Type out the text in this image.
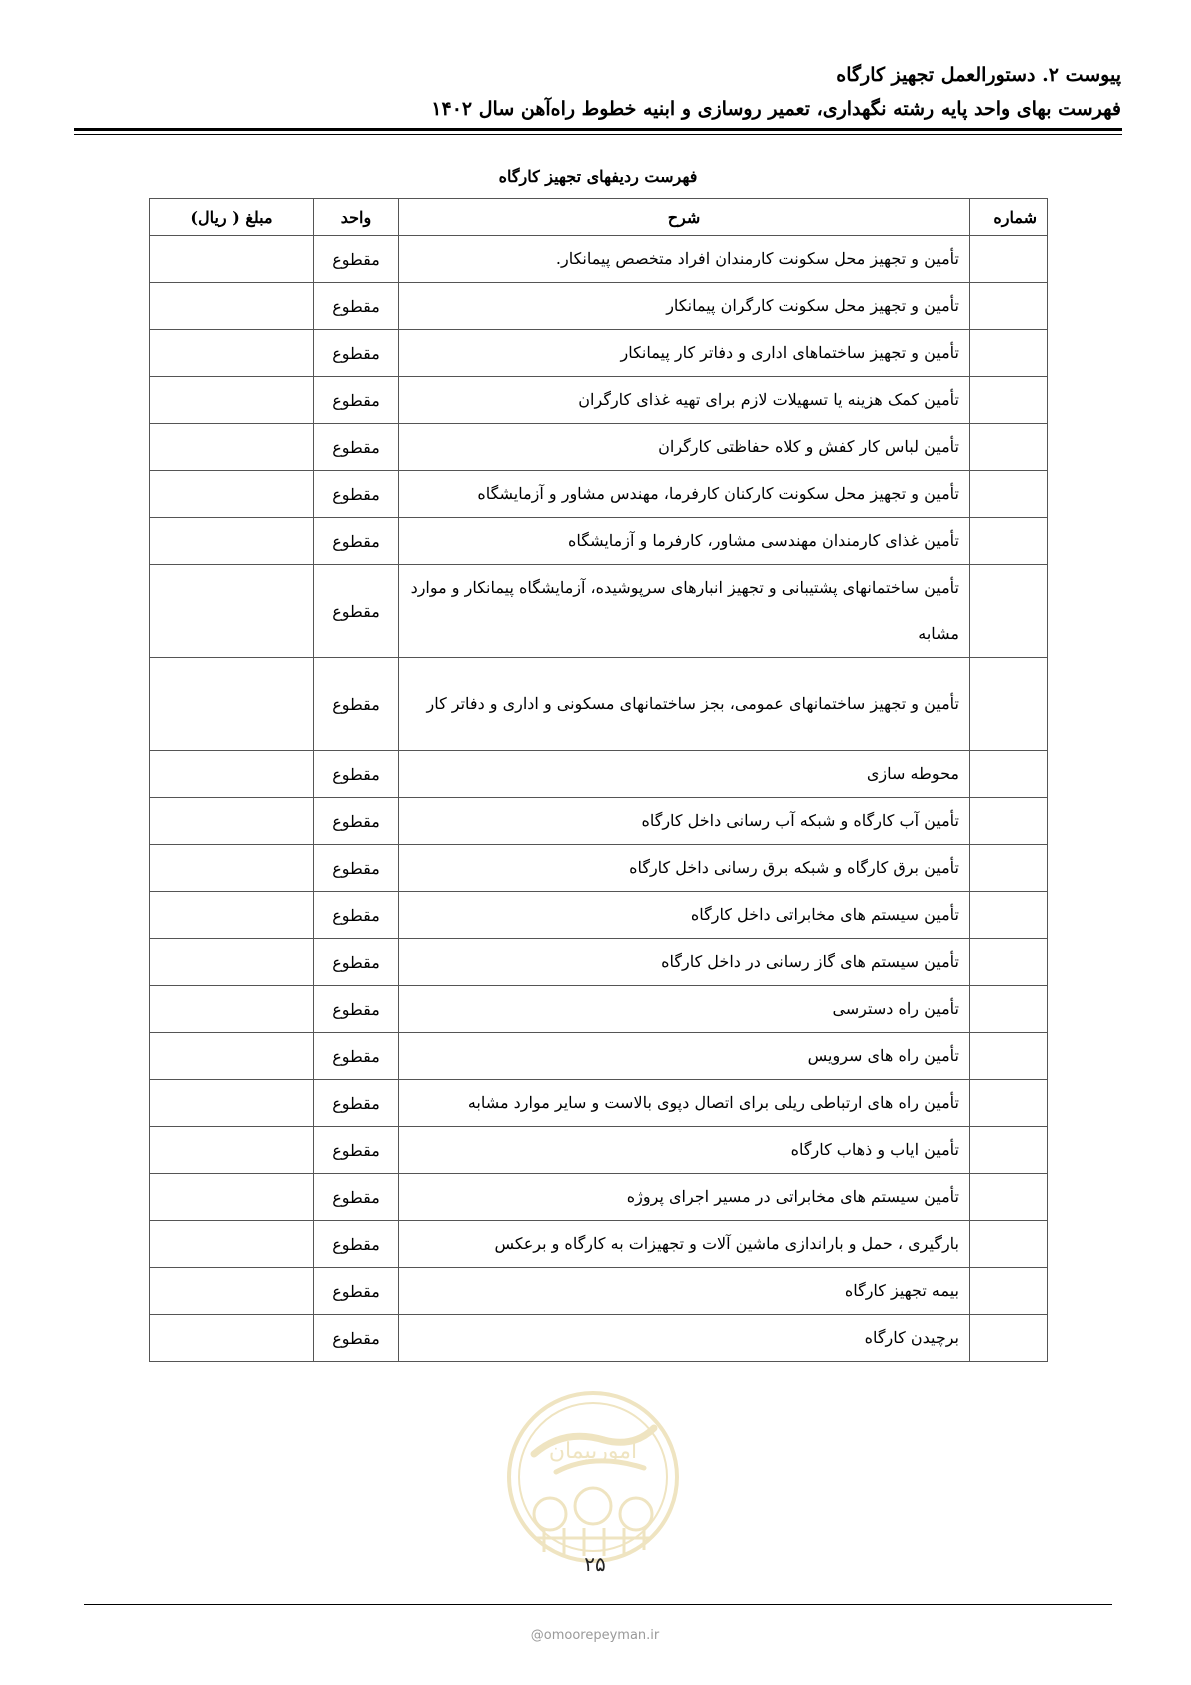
پیوست ۲. دستورالعمل تجهیز کارگاه
فهرست بهای واحد پایه رشته نگهداری، تعمیر روسازی و ابنیه خطوط راه‌آهن سال ۱۴۰۲
فهرست ردیفهای تجهیز کارگاه
شماره	شرح	واحد	مبلغ ( ریال)
	تأمین و تجهیز محل سکونت کارمندان افراد متخصص پیمانکار.	مقطوع	
	تأمین و تجهیز محل سکونت کارگران پیمانکار	مقطوع	
	تأمین و تجهیز ساختماهای اداری و دفاتر کار پیمانکار	مقطوع	
	تأمین کمک هزینه یا تسهیلات لازم برای تهیه غذای کارگران	مقطوع	
	تأمین لباس کار کفش و کلاه حفاظتی کارگران	مقطوع	
	تأمین و تجهیز محل سکونت کارکنان کارفرما، مهندس مشاور و آزمایشگاه	مقطوع	
	تأمین غذای کارمندان مهندسی مشاور، کارفرما و آزمایشگاه	مقطوع	
	تأمین ساختمانهای پشتیبانی و تجهیز انبارهای سرپوشیده، آزمایشگاه پیمانکار و موارد مشابه	مقطوع	
	تأمین و تجهیز ساختمانهای عمومی، بجز ساختمانهای مسکونی و اداری و دفاتر کار	مقطوع	
	محوطه سازی	مقطوع	
	تأمین آب کارگاه و شبکه آب رسانی داخل کارگاه	مقطوع	
	تأمین برق کارگاه و شبکه برق رسانی داخل کارگاه	مقطوع	
	تأمین سیستم های مخابراتی داخل کارگاه	مقطوع	
	تأمین سیستم های گاز رسانی در داخل کارگاه	مقطوع	
	تأمین راه دسترسی	مقطوع	
	تأمین راه های سرویس	مقطوع	
	تأمین راه های ارتباطی ریلی برای اتصال دپوی بالاست و سایر موارد مشابه	مقطوع	
	تأمین ایاب و ذهاب کارگاه	مقطوع	
	تأمین سیستم های مخابراتی در مسیر اجرای پروژه	مقطوع	
	بارگیری ، حمل و باراندازی ماشین آلات و تجهیزات به کارگاه و برعکس	مقطوع	
	بیمه تجهیز کارگاه	مقطوع	
	برچیدن کارگاه	مقطوع	
امورپیمان
۲۵
@omoorepeyman.ir
